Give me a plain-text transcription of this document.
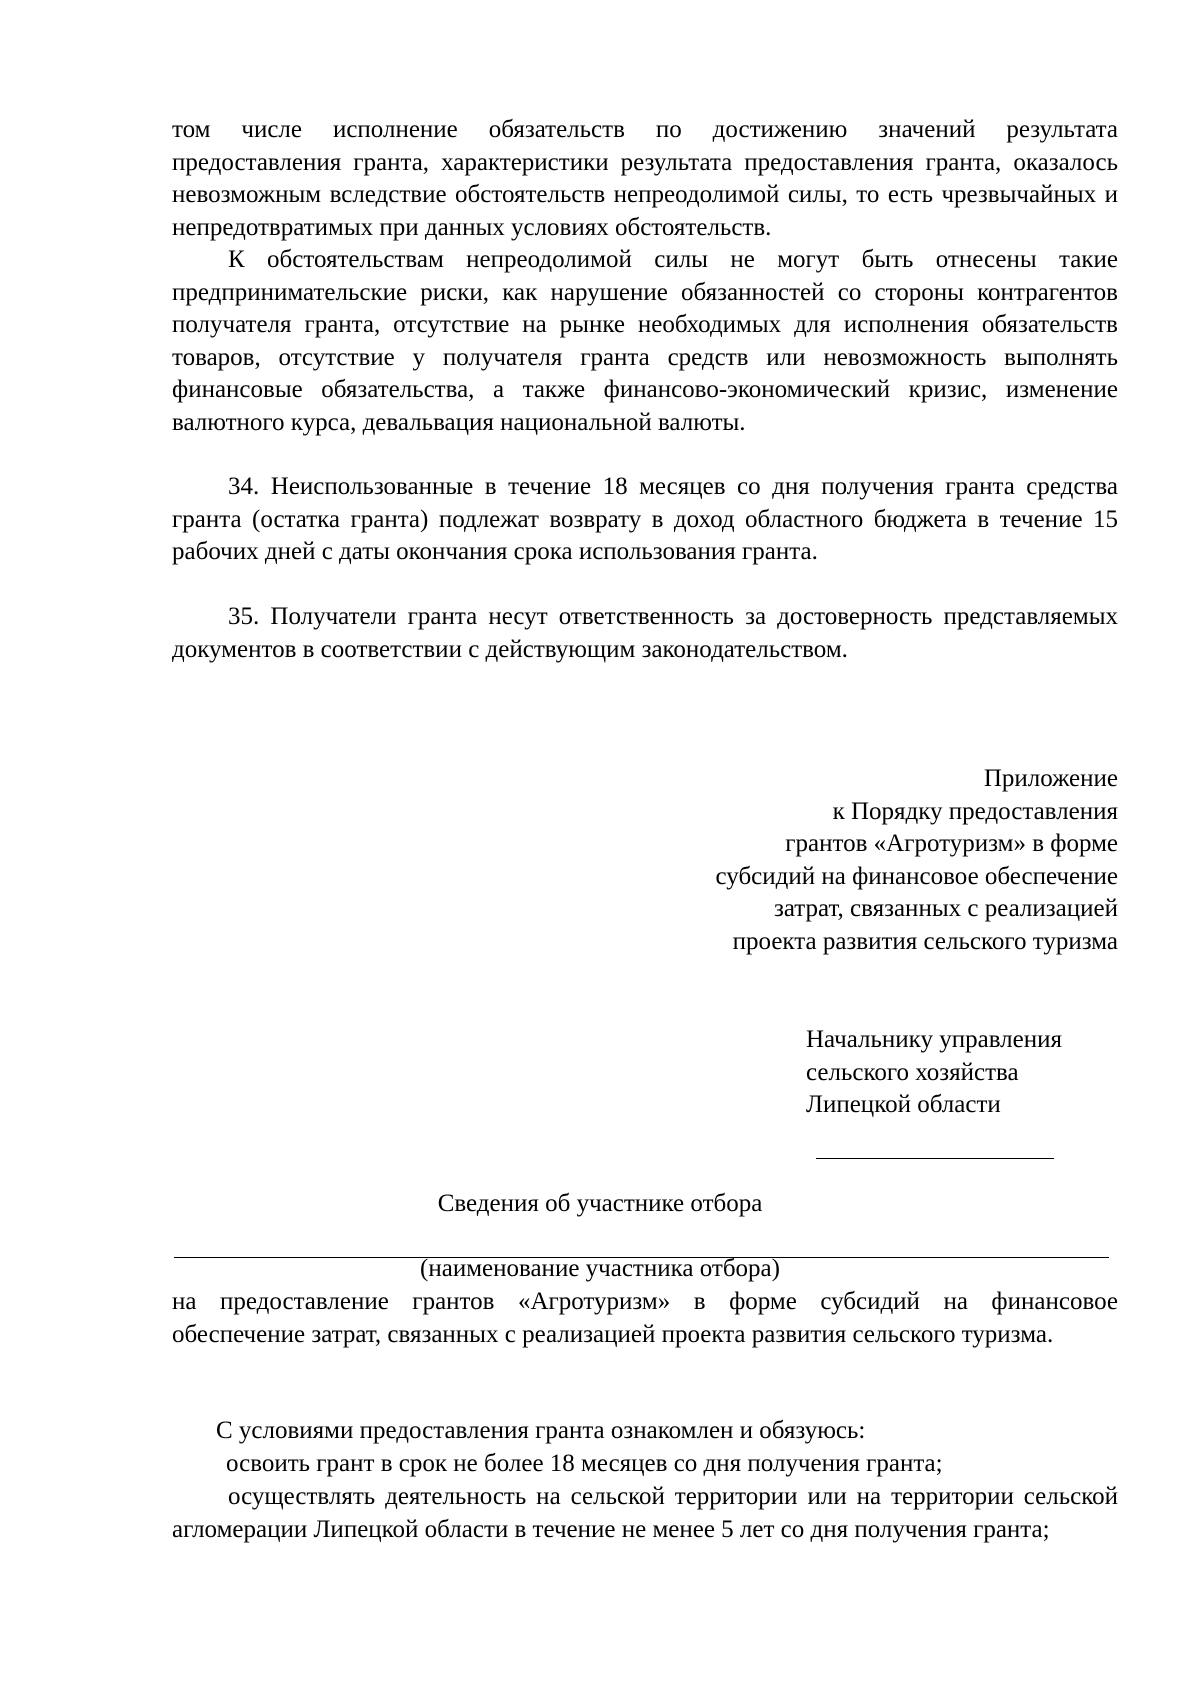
том числе исполнение обязательств по достижению значений результата предоставления гранта, характеристики результата предоставления гранта, оказалось невозможным вследствие обстоятельств непреодолимой силы, то есть чрезвычайных и непредотвратимых при данных условиях обстоятельств.
К обстоятельствам непреодолимой силы не могут быть отнесены такие предпринимательские риски, как нарушение обязанностей со стороны контрагентов получателя гранта, отсутствие на рынке необходимых для исполнения обязательств товаров, отсутствие у получателя гранта средств или невозможность выполнять финансовые обязательства, а также финансово-экономический кризис, изменение валютного курса, девальвация национальной валюты.
34. Неиспользованные в течение 18 месяцев со дня получения гранта средства гранта (остатка гранта) подлежат возврату в доход областного бюджета в течение 15 рабочих дней с даты окончания срока использования гранта.
35. Получатели гранта несут ответственность за достоверность представляемых документов в соответствии с действующим законодательством.
Приложение
к Порядку предоставления
грантов «Агротуризм» в форме
субсидий на финансовое обеспечение
затрат, связанных с реализацией
проекта развития сельского туризма
Начальнику управления
сельского хозяйства
Липецкой области
Сведения об участнике отбора
(наименование участника отбора)
на предоставление грантов «Агротуризм» в форме субсидий на финансовое обеспечение затрат, связанных с реализацией проекта развития сельского туризма.
С условиями предоставления гранта ознакомлен и обязуюсь:
освоить грант в срок не более 18 месяцев со дня получения гранта;
осуществлять деятельность на сельской территории или на территории сельской агломерации Липецкой области в течение не менее 5 лет со дня получения гранта;
